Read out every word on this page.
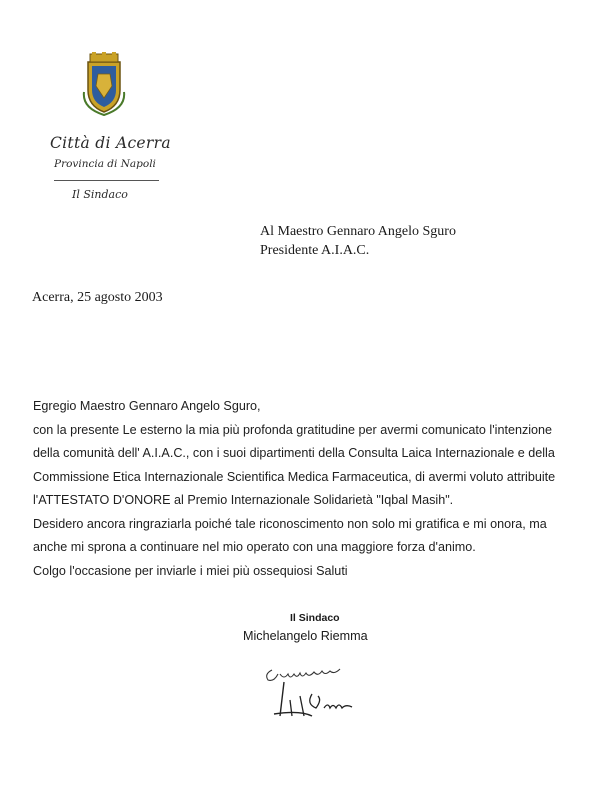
Città di Acerra
Provincia di Napoli
Il Sindaco
Al Maestro Gennaro Angelo Sguro
Presidente A.I.A.C.
Acerra, 25 agosto 2003

Egregio Maestro Gennaro Angelo Sguro,

con la presente Le esterno la mia più profonda gratitudine per avermi comunicato l'intenzione

della comunità dell' A.I.A.C., con i suoi dipartimenti della Consulta Laica Internazionale e della

Commissione Etica Internazionale Scientifica Medica Farmaceutica, di avermi voluto attribuite

l'ATTESTATO D'ONORE al Premio Internazionale Solidarietà "Iqbal Masih".

Desidero ancora ringraziarla poiché tale riconoscimento non solo mi gratifica e mi onora, ma

anche mi sprona a continuare nel mio operato con una maggiore forza d'animo.

Colgo l'occasione per inviarle i miei più ossequiosi Saluti

Il Sindaco
Michelangelo Riemma
